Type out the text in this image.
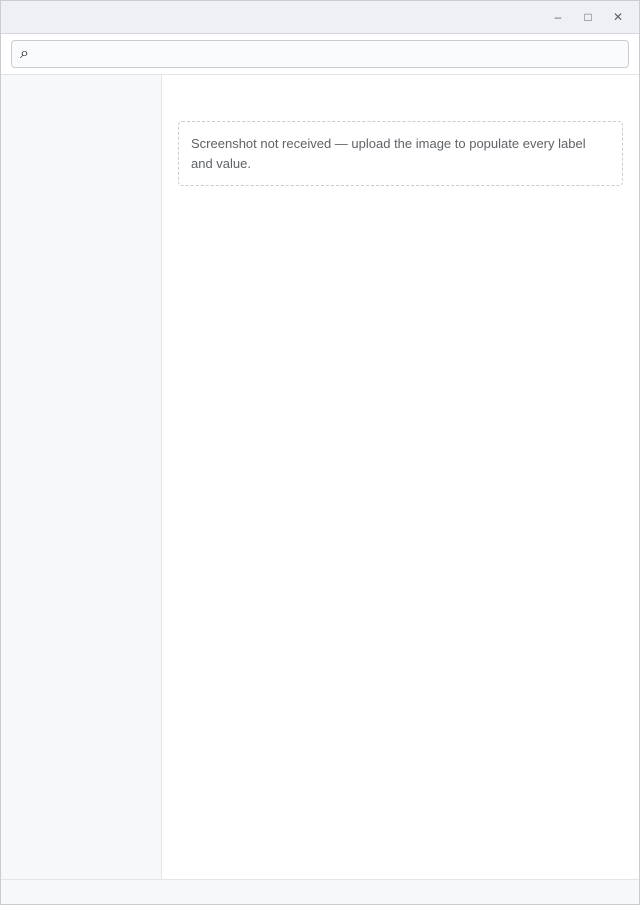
–	□	✕
⌕
Screenshot not received — upload the image to populate every label and value.
